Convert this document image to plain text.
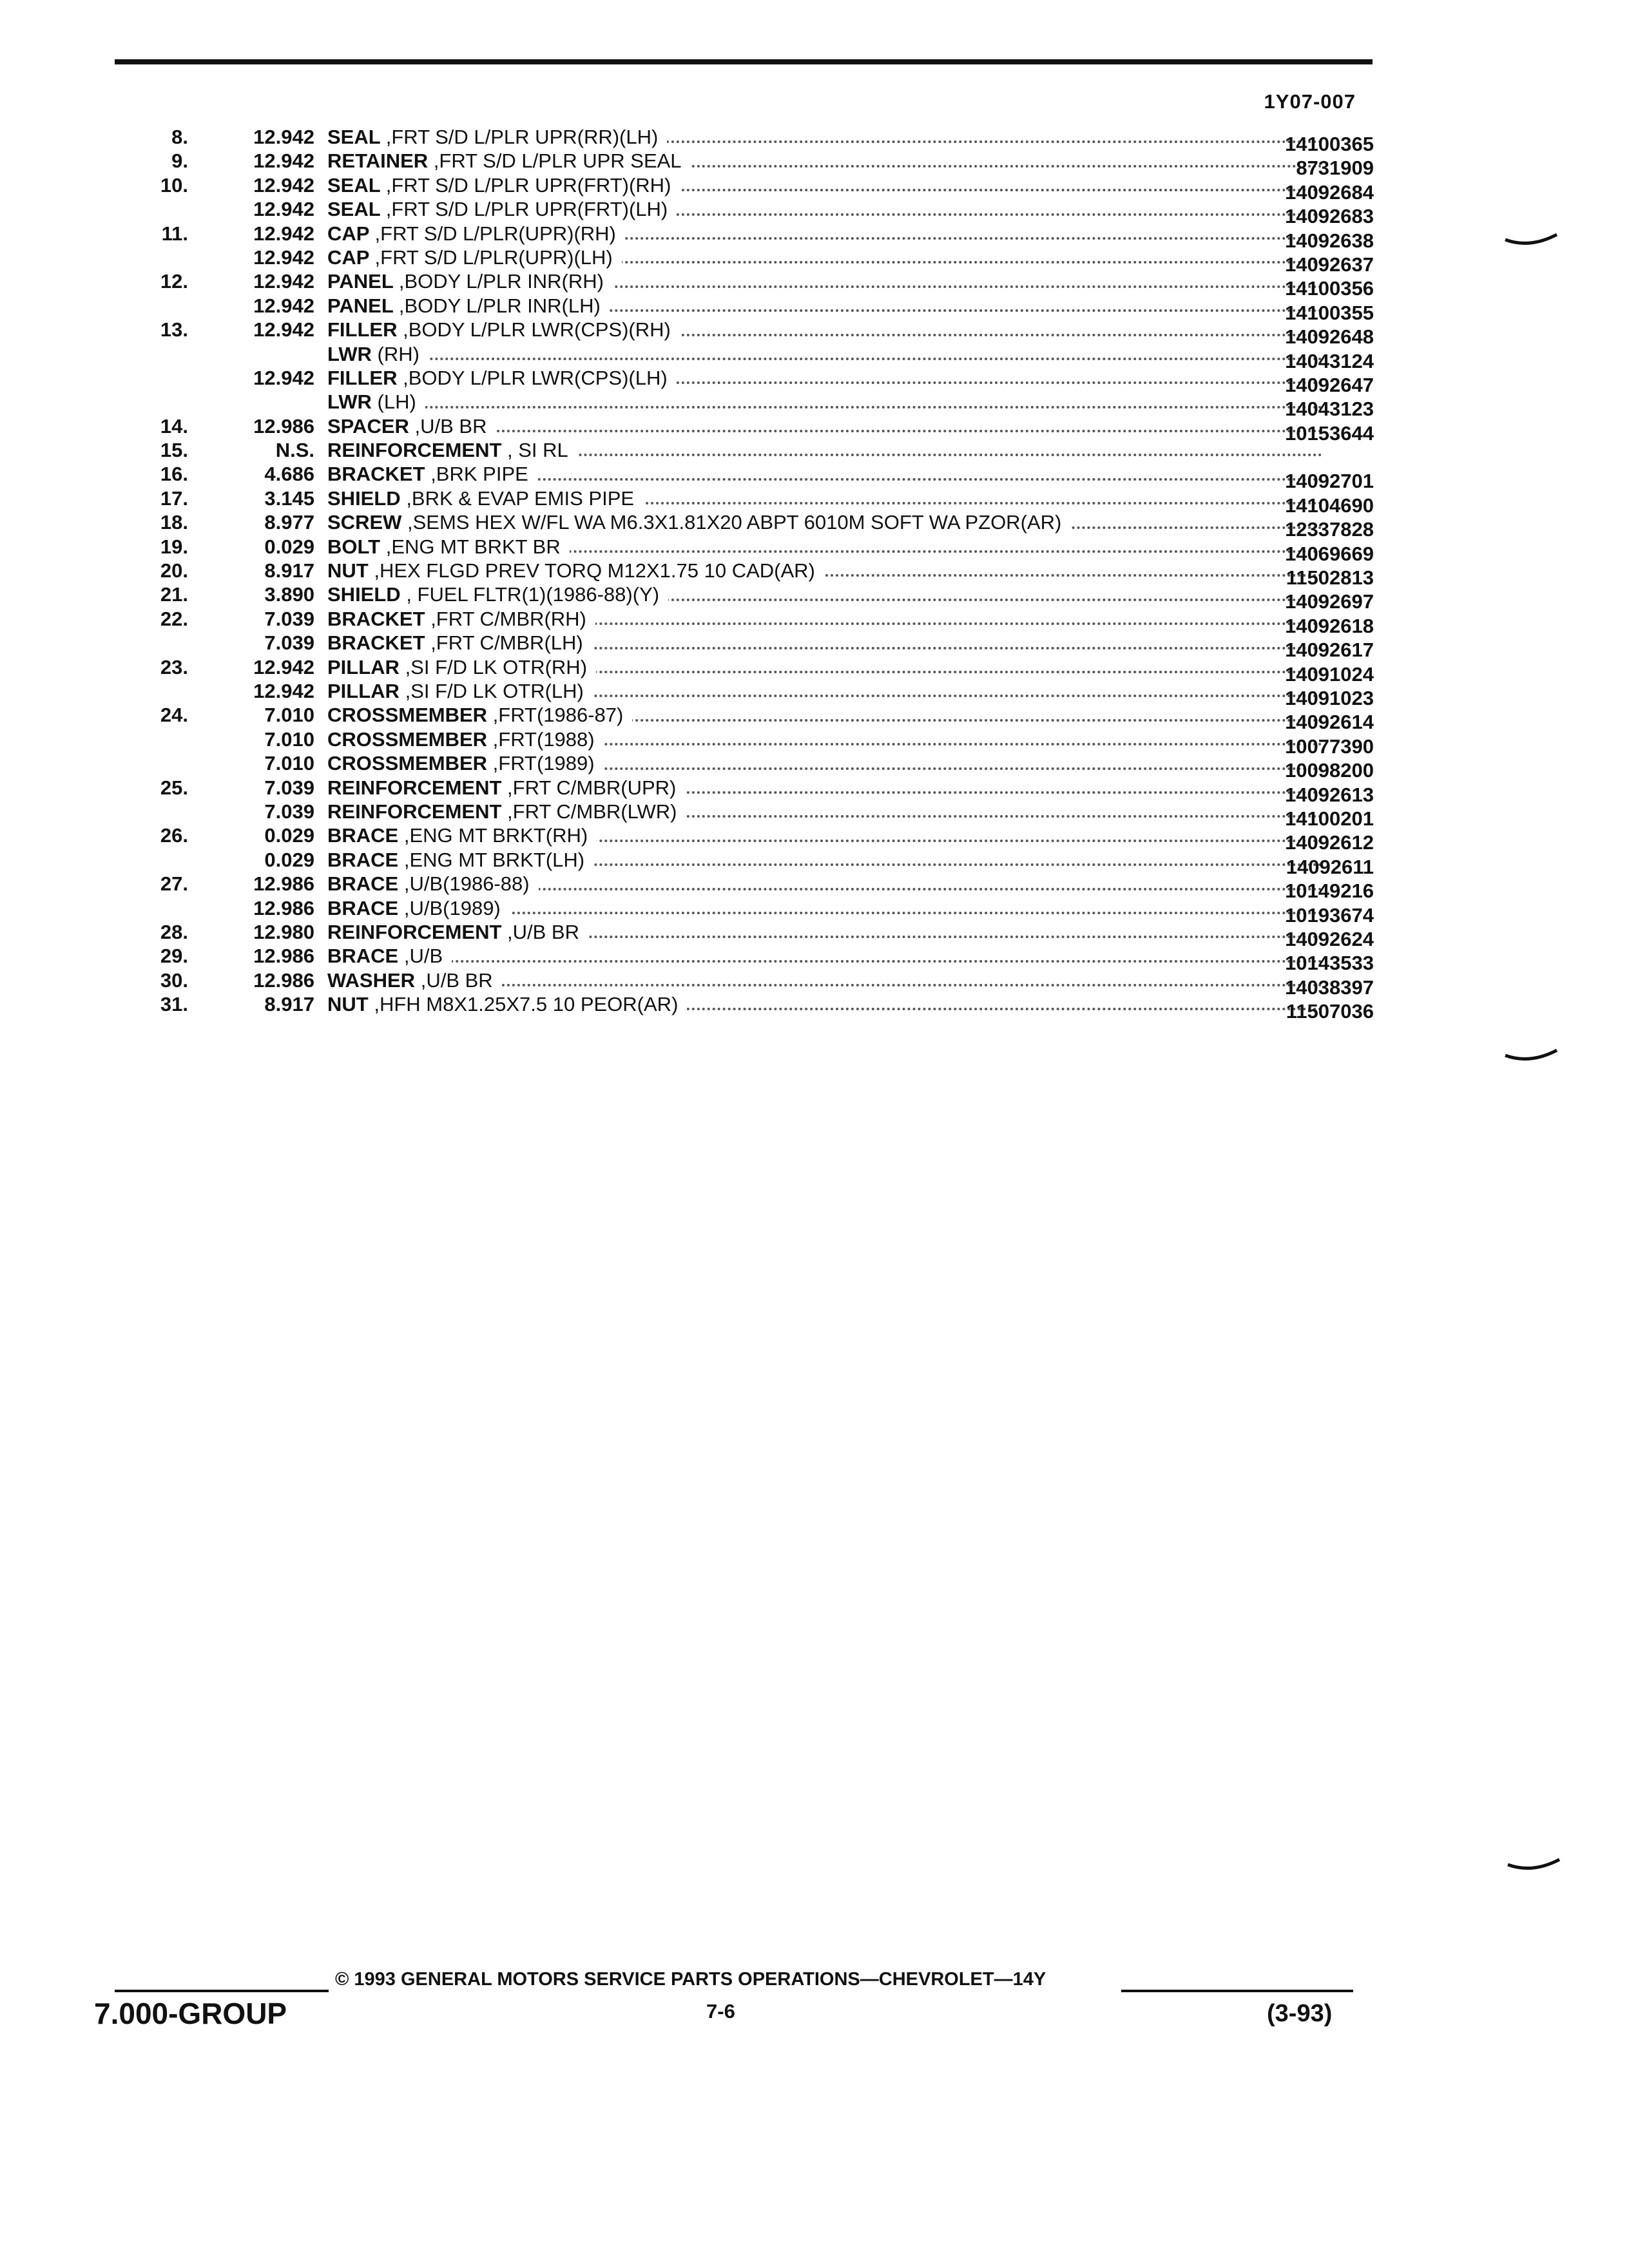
1Y07-007
8.	12.942 SEAL ,FRT S/D L/PLR UPR(RR)(LH)	14100365
9.	12.942 RETAINER ,FRT S/D L/PLR UPR SEAL	8731909
10.	12.942 SEAL ,FRT S/D L/PLR UPR(FRT)(RH)	14092684
12.942 SEAL ,FRT S/D L/PLR UPR(FRT)(LH)	14092683
11.	12.942 CAP ,FRT S/D L/PLR(UPR)(RH)	14092638
12.942 CAP ,FRT S/D L/PLR(UPR)(LH)	14092637
12.	12.942 PANEL ,BODY L/PLR INR(RH)	14100356
12.942 PANEL ,BODY L/PLR INR(LH)	14100355
13.	12.942 FILLER ,BODY L/PLR LWR(CPS)(RH)	14092648
LWR (RH)	14043124
12.942 FILLER ,BODY L/PLR LWR(CPS)(LH)	14092647
LWR (LH)	14043123
14.	12.986 SPACER ,U/B BR	10153644
15.	N.S. REINFORCEMENT , SI RL
16.	4.686 BRACKET ,BRK PIPE	14092701
17.	3.145 SHIELD ,BRK & EVAP EMIS PIPE	14104690
18.	8.977 SCREW ,SEMS HEX W/FL WA M6.3X1.81X20 ABPT 6010M SOFT WA PZOR(AR)	12337828
19.	0.029 BOLT ,ENG MT BRKT BR	14069669
20.	8.917 NUT ,HEX FLGD PREV TORQ M12X1.75 10 CAD(AR)	11502813
21.	3.890 SHIELD , FUEL FLTR(1)(1986-88)(Y)	14092697
22.	7.039 BRACKET ,FRT C/MBR(RH)	14092618
7.039 BRACKET ,FRT C/MBR(LH)	14092617
23.	12.942 PILLAR ,SI F/D LK OTR(RH)	14091024
12.942 PILLAR ,SI F/D LK OTR(LH)	14091023
24.	7.010 CROSSMEMBER ,FRT(1986-87)	14092614
7.010 CROSSMEMBER ,FRT(1988)	10077390
7.010 CROSSMEMBER ,FRT(1989)	10098200
25.	7.039 REINFORCEMENT ,FRT C/MBR(UPR)	14092613
7.039 REINFORCEMENT ,FRT C/MBR(LWR)	14100201
26.	0.029 BRACE ,ENG MT BRKT(RH)	14092612
0.029 BRACE ,ENG MT BRKT(LH)	14092611
27.	12.986 BRACE ,U/B(1986-88)	10149216
12.986 BRACE ,U/B(1989)	10193674
28.	12.980 REINFORCEMENT ,U/B BR	14092624
29.	12.986 BRACE ,U/B	10143533
30.	12.986 WASHER ,U/B BR	14038397
31.	8.917 NUT ,HFH M8X1.25X7.5 10 PEOR(AR)	11507036
7.000-GROUP
© 1993 GENERAL MOTORS SERVICE PARTS OPERATIONS—CHEVROLET—14Y
7-6	(3-93)
